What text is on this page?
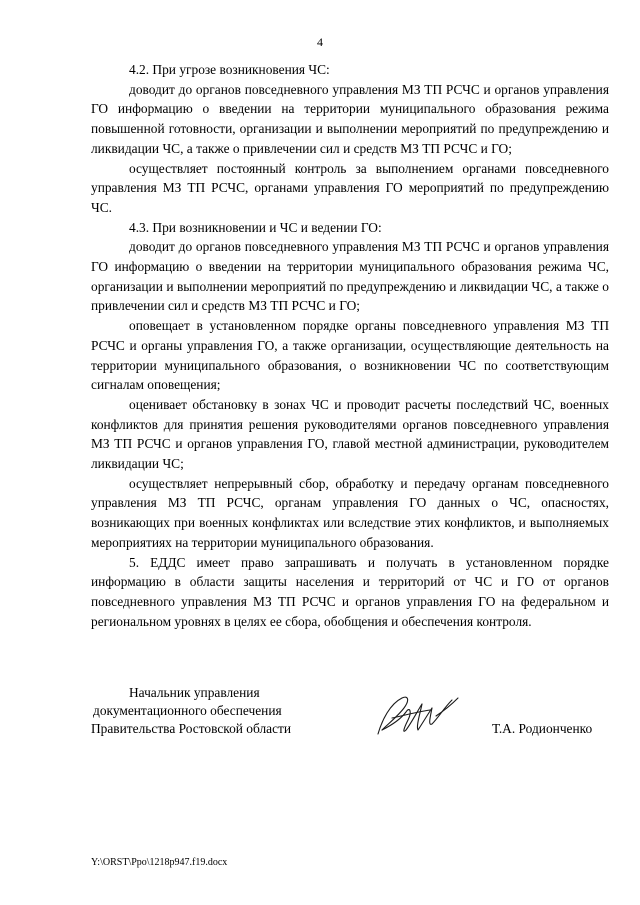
4

4.2. При угрозе возникновения ЧС:

доводит до органов повседневного управления МЗ ТП РСЧС и органов управления ГО информацию о введении на территории муниципального образования режима повышенной готовности, организации и выполнении мероприятий по предупреждению и ликвидации ЧС, а также о привлечении сил и средств МЗ ТП РСЧС и ГО;

осуществляет постоянный контроль за выполнением органами повседневного управления МЗ ТП РСЧС, органами управления ГО мероприятий по предупреждению ЧС.

4.3. При возникновении и ЧС и ведении ГО:

доводит до органов повседневного управления МЗ ТП РСЧС и органов управления ГО информацию о введении на территории муниципального образования режима ЧС, организации и выполнении мероприятий по предупреждению и ликвидации ЧС, а также о привлечении сил и средств МЗ ТП РСЧС и ГО;

оповещает в установленном порядке органы повседневного управления МЗ ТП РСЧС и органы управления ГО, а также организации, осуществляющие деятельность на территории муниципального образования, о возникновении ЧС по соответствующим сигналам оповещения;

оценивает обстановку в зонах ЧС и проводит расчеты последствий ЧС, военных конфликтов для принятия решения руководителями органов повседневного управления МЗ ТП РСЧС и органов управления ГО, главой местной администрации, руководителем ликвидации ЧС;

осуществляет непрерывный сбор, обработку и передачу органам повседневного управления МЗ ТП РСЧС, органам управления ГО данных о ЧС, опасностях, возникающих при военных конфликтах или вследствие этих конфликтов, и выполняемых мероприятиях на территории муниципального образования.

5. ЕДДС имеет право запрашивать и получать в установленном порядке информацию в области защиты населения и территорий от ЧС и ГО от органов повседневного управления МЗ ТП РСЧС и органов управления ГО на федеральном и региональном уровнях в целях ее сбора, обобщения и обеспечения контроля.

Начальник управления
документационного обеспечения
Правительства Ростовской области	Т.А. Родионченко
Y:\ORST\Ppo\1218p947.f19.docx
